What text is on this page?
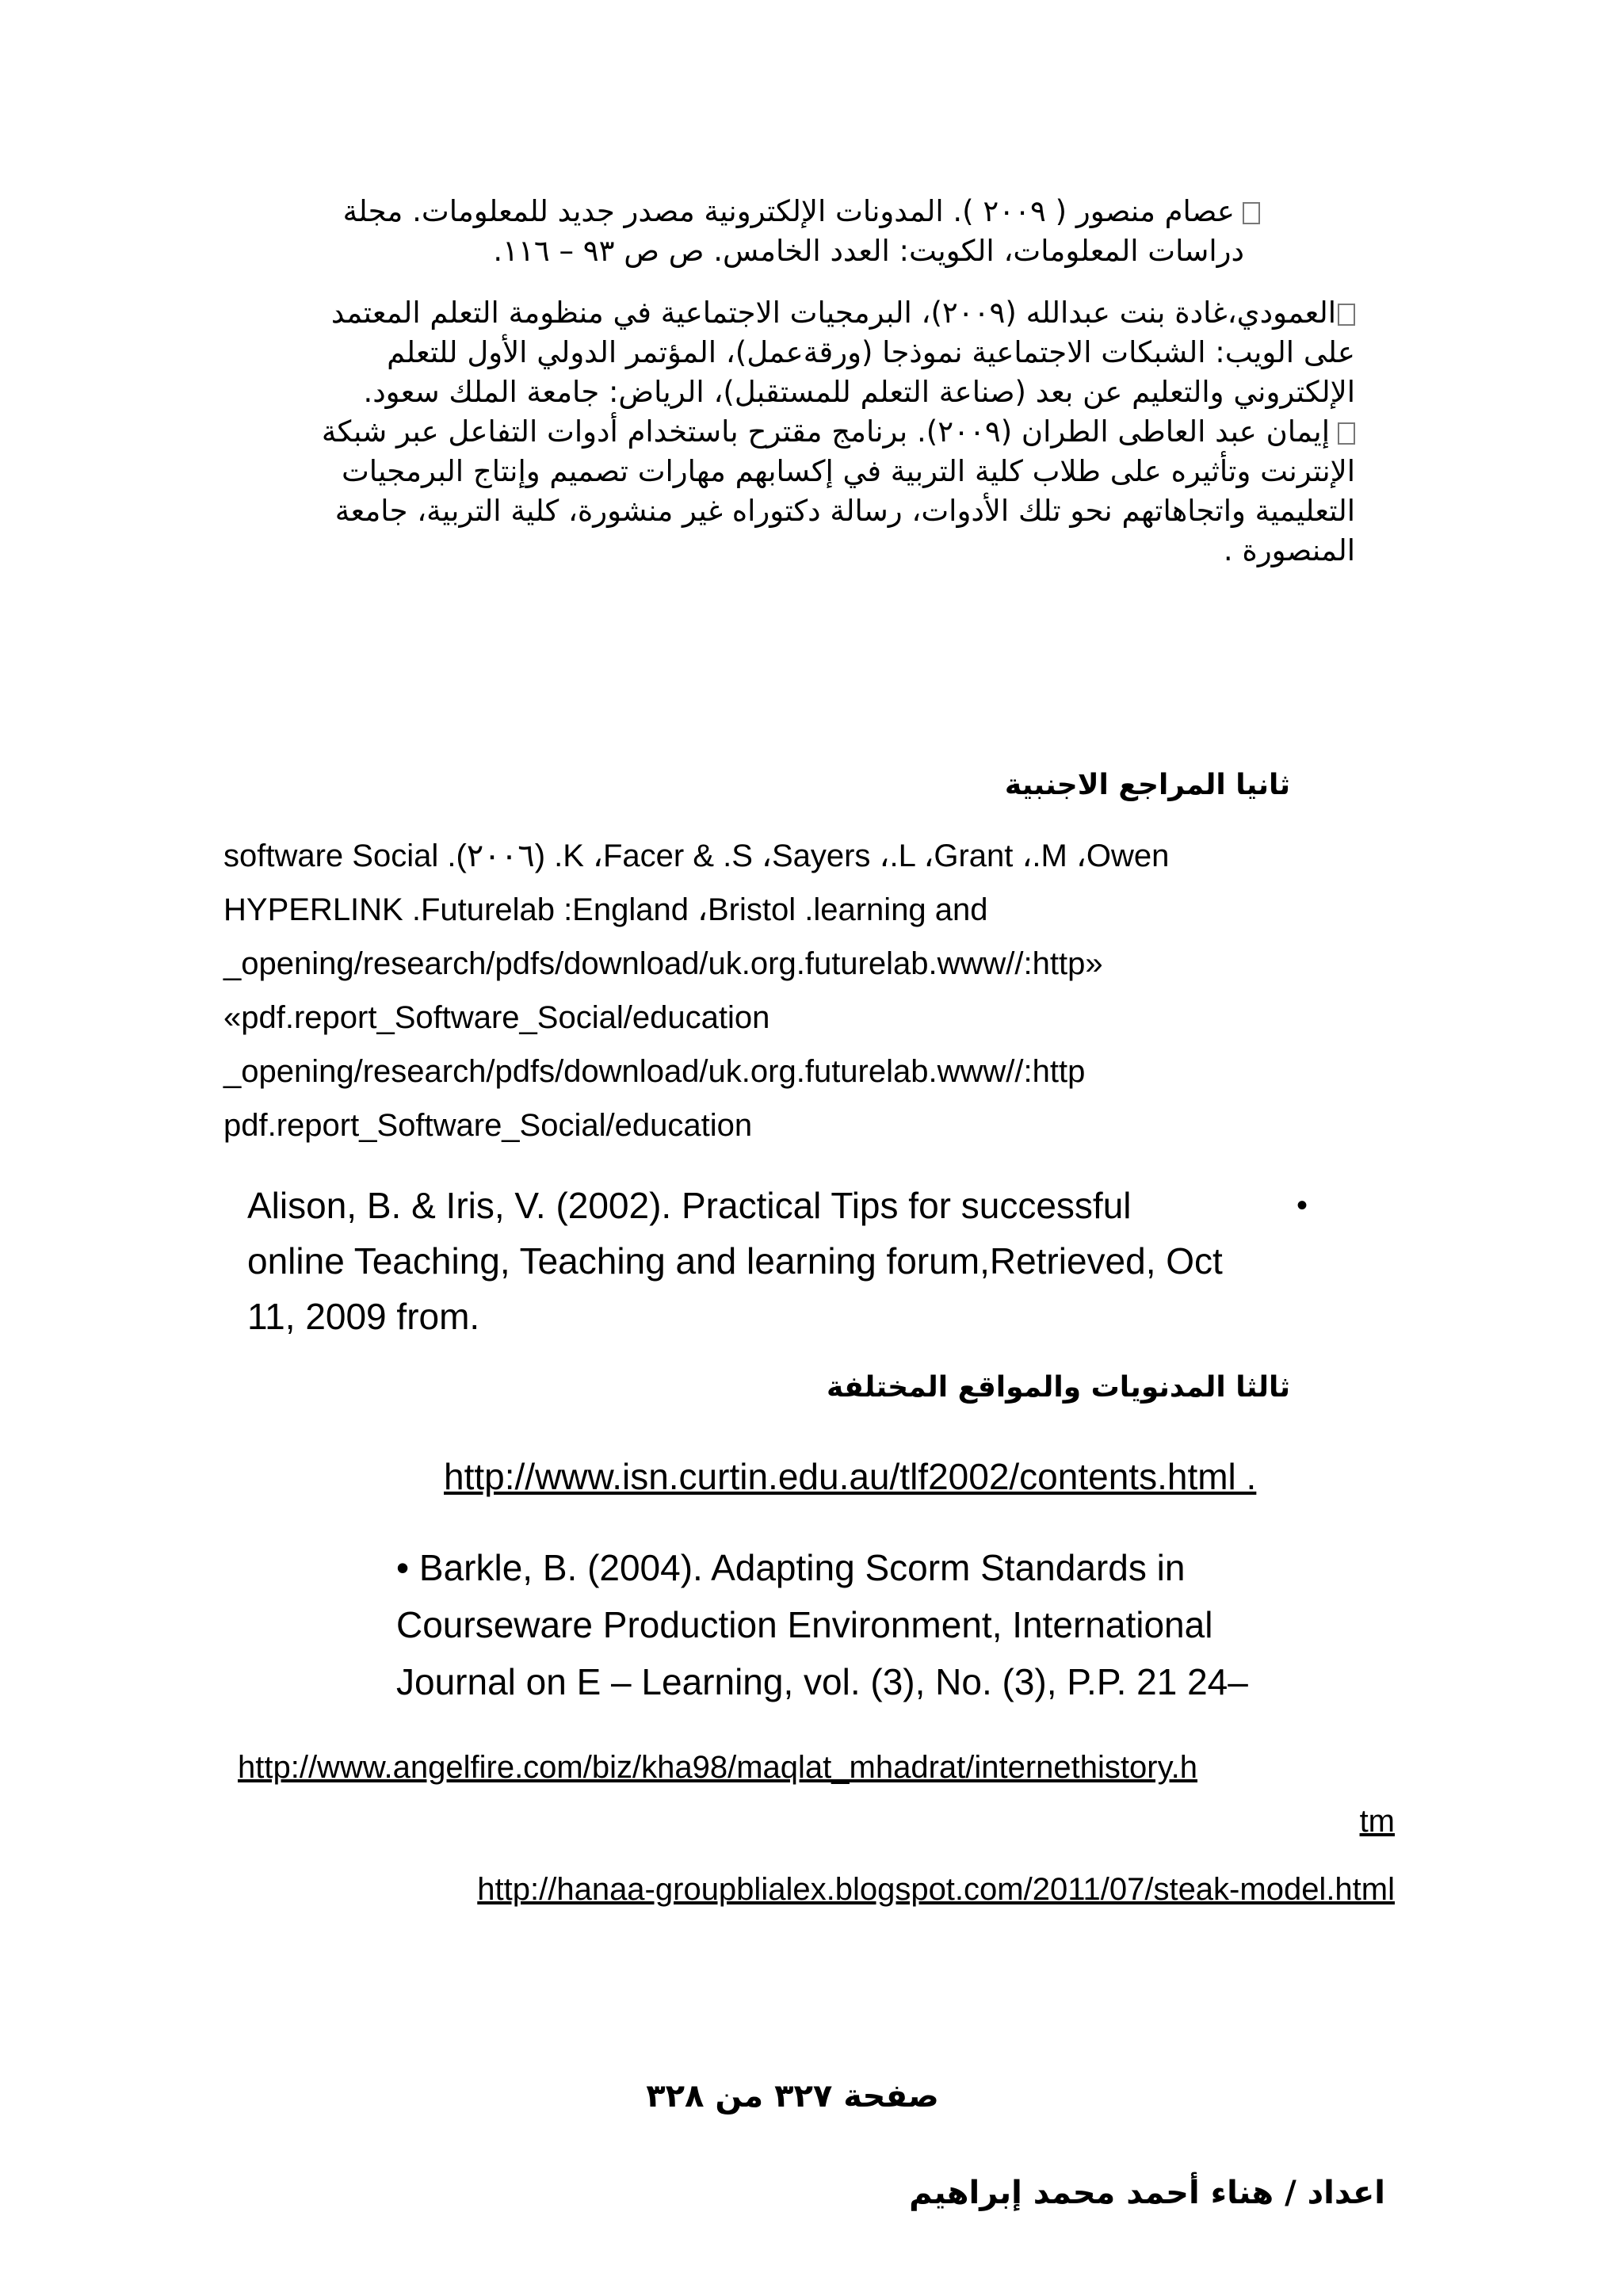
عصام منصور ( ٢٠٠٩ ). المدونات الإلكترونية مصدر جديد للمعلومات. مجلة
دراسات المعلومات، الكويت: العدد الخامس. ص ص ٩٣ – ١١٦.
العمودي،غادة بنت عبدالله (٢٠٠٩)، البرمجيات الاجتماعية في منظومة التعلم المعتمد
على الويب: الشبكات الاجتماعية نموذجا (ورقةعمل)، المؤتمر الدولي الأول للتعلم
الإلكتروني والتعليم عن بعد (صناعة التعلم للمستقبل)، الرياض: جامعة الملك سعود.
إيمان عبد العاطى الطران (٢٠٠٩). برنامج مقترح باستخدام أدوات التفاعل عبر شبكة
الإنترنت وتأثيره على طلاب كلية التربية في إكسابهم مهارات تصميم وإنتاج البرمجيات
التعليمية واتجاهاتهم نحو تلك الأدوات، رسالة دكتوراه غير منشورة، كلية التربية، جامعة
المنصورة .
ثانيا المراجع الاجنبية
software Social .(٢٠٠٦) .K ،Facer & .S ،Sayers ،.L ،Grant ،.M ،Owen
HYPERLINK .Futurelab :England ،Bristol .learning and
_opening/research/pdfs/download/uk.org.futurelab.www//:http»
«pdf.report_Software_Social/education
_opening/research/pdfs/download/uk.org.futurelab.www//:http
pdf.report_Software_Social/education
•
Alison, B. & Iris, V. (2002). Practical Tips for successful
online Teaching, Teaching and learning forum,Retrieved, Oct
11, 2009 from.
ثالثا المدنويات والمواقع المختلفة
http://www.isn.curtin.edu.au/tlf2002/contents.html .
• Barkle, B. (2004). Adapting Scorm Standards in
Courseware Production Environment, International
Journal on E – Learning, vol. (3), No. (3), P.P. 21 24–
http://www.angelfire.com/biz/kha98/maqlat_mhadrat/internethistory.h
tm
http://hanaa-groupblialex.blogspot.com/2011/07/steak-model.html
صفحة ٣٢٧ من ٣٢٨
اعداد / هناء أحمد محمد إبراهيم
